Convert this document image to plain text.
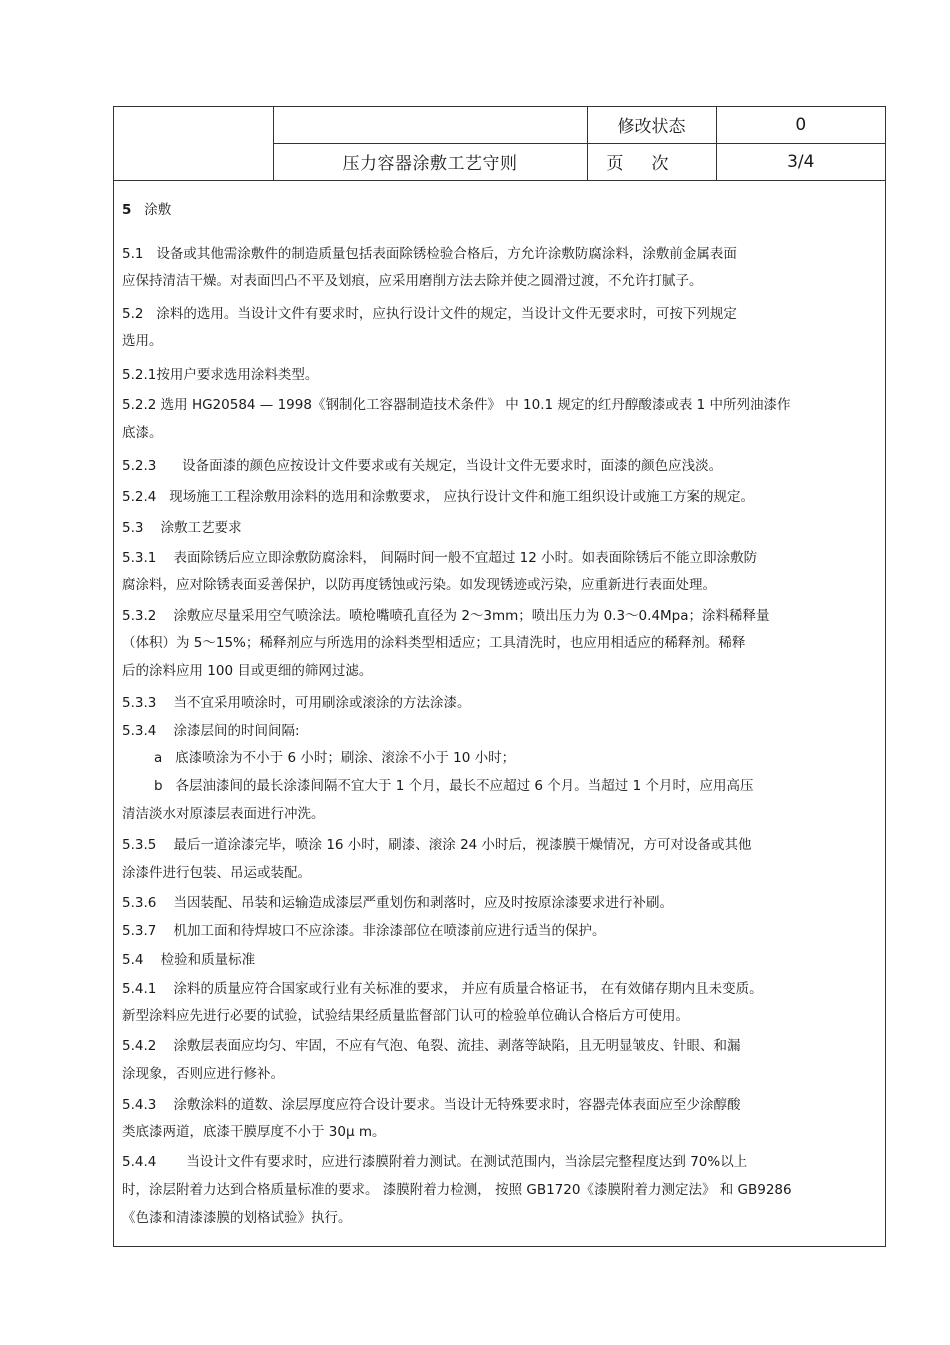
		修改状态	0
	压力容器涂敷工艺守则	页次	3/4
5 涂敷
5.1 设备或其他需涂敷件的制造质量包括表面除锈检验合格后，方允许涂敷防腐涂料，涂敷前金属表面
应保持清洁干燥。对表面凹凸不平及划痕，应采用磨削方法去除并使之圆滑过渡，不允许打腻子。
5.2 涂料的选用。当设计文件有要求时，应执行设计文件的规定，当设计文件无要求时，可按下列规定
选用。
5.2.1按用户要求选用涂料类型。
5.2.2 选用 HG20584 — 1998《钢制化工容器制造技术条件》 中 10.1 规定的红丹醇酸漆或表 1 中所列油漆作
底漆。
5.2.3 设备面漆的颜色应按设计文件要求或有关规定，当设计文件无要求时，面漆的颜色应浅淡。
5.2.4 现场施工工程涂敷用涂料的选用和涂敷要求， 应执行设计文件和施工组织设计或施工方案的规定。
5.3 涂敷工艺要求
5.3.1 表面除锈后应立即涂敷防腐涂料， 间隔时间一般不宜超过 12 小时。如表面除锈后不能立即涂敷防
腐涂料，应对除锈表面妥善保护，以防再度锈蚀或污染。如发现锈迹或污染，应重新进行表面处理。
5.3.2 涂敷应尽量采用空气喷涂法。喷枪嘴喷孔直径为 2～3mm；喷出压力为 0.3～0.4Mpa；涂料稀释量
（体积）为 5～15%；稀释剂应与所选用的涂料类型相适应；工具清洗时，也应用相适应的稀释剂。稀释
后的涂料应用 100 目或更细的筛网过滤。
5.3.3 当不宜采用喷涂时，可用刷涂或滚涂的方法涂漆。
5.3.4 涂漆层间的时间间隔:
a 底漆喷涂为不小于 6 小时；刷涂、滚涂不小于 10 小时；
b 各层油漆间的最长涂漆间隔不宜大于 1 个月，最长不应超过 6 个月。当超过 1 个月时，应用高压
清洁淡水对原漆层表面进行冲洗。
5.3.5 最后一道涂漆完毕，喷涂 16 小时，刷漆、滚涂 24 小时后，视漆膜干燥情况，方可对设备或其他
涂漆件进行包装、吊运或装配。
5.3.6 当因装配、吊装和运输造成漆层严重划伤和剥落时，应及时按原涂漆要求进行补刷。
5.3.7 机加工面和待焊坡口不应涂漆。非涂漆部位在喷漆前应进行适当的保护。
5.4 检验和质量标准
5.4.1 涂料的质量应符合国家或行业有关标准的要求， 并应有质量合格证书， 在有效储存期内且未变质。
新型涂料应先进行必要的试验，试验结果经质量监督部门认可的检验单位确认合格后方可使用。
5.4.2 涂敷层表面应均匀、牢固，不应有气泡、龟裂、流挂、剥落等缺陷，且无明显皱皮、针眼、和漏
涂现象，否则应进行修补。
5.4.3 涂敷涂料的道数、涂层厚度应符合设计要求。当设计无特殊要求时，容器壳体表面应至少涂醇酸
类底漆两道，底漆干膜厚度不小于 30μ m。
5.4.4 当设计文件有要求时，应进行漆膜附着力测试。在测试范围内，当涂层完整程度达到 70%以上
时，涂层附着力达到合格质量标准的要求。 漆膜附着力检测， 按照 GB1720《漆膜附着力测定法》 和 GB9286
《色漆和清漆漆膜的划格试验》执行。
